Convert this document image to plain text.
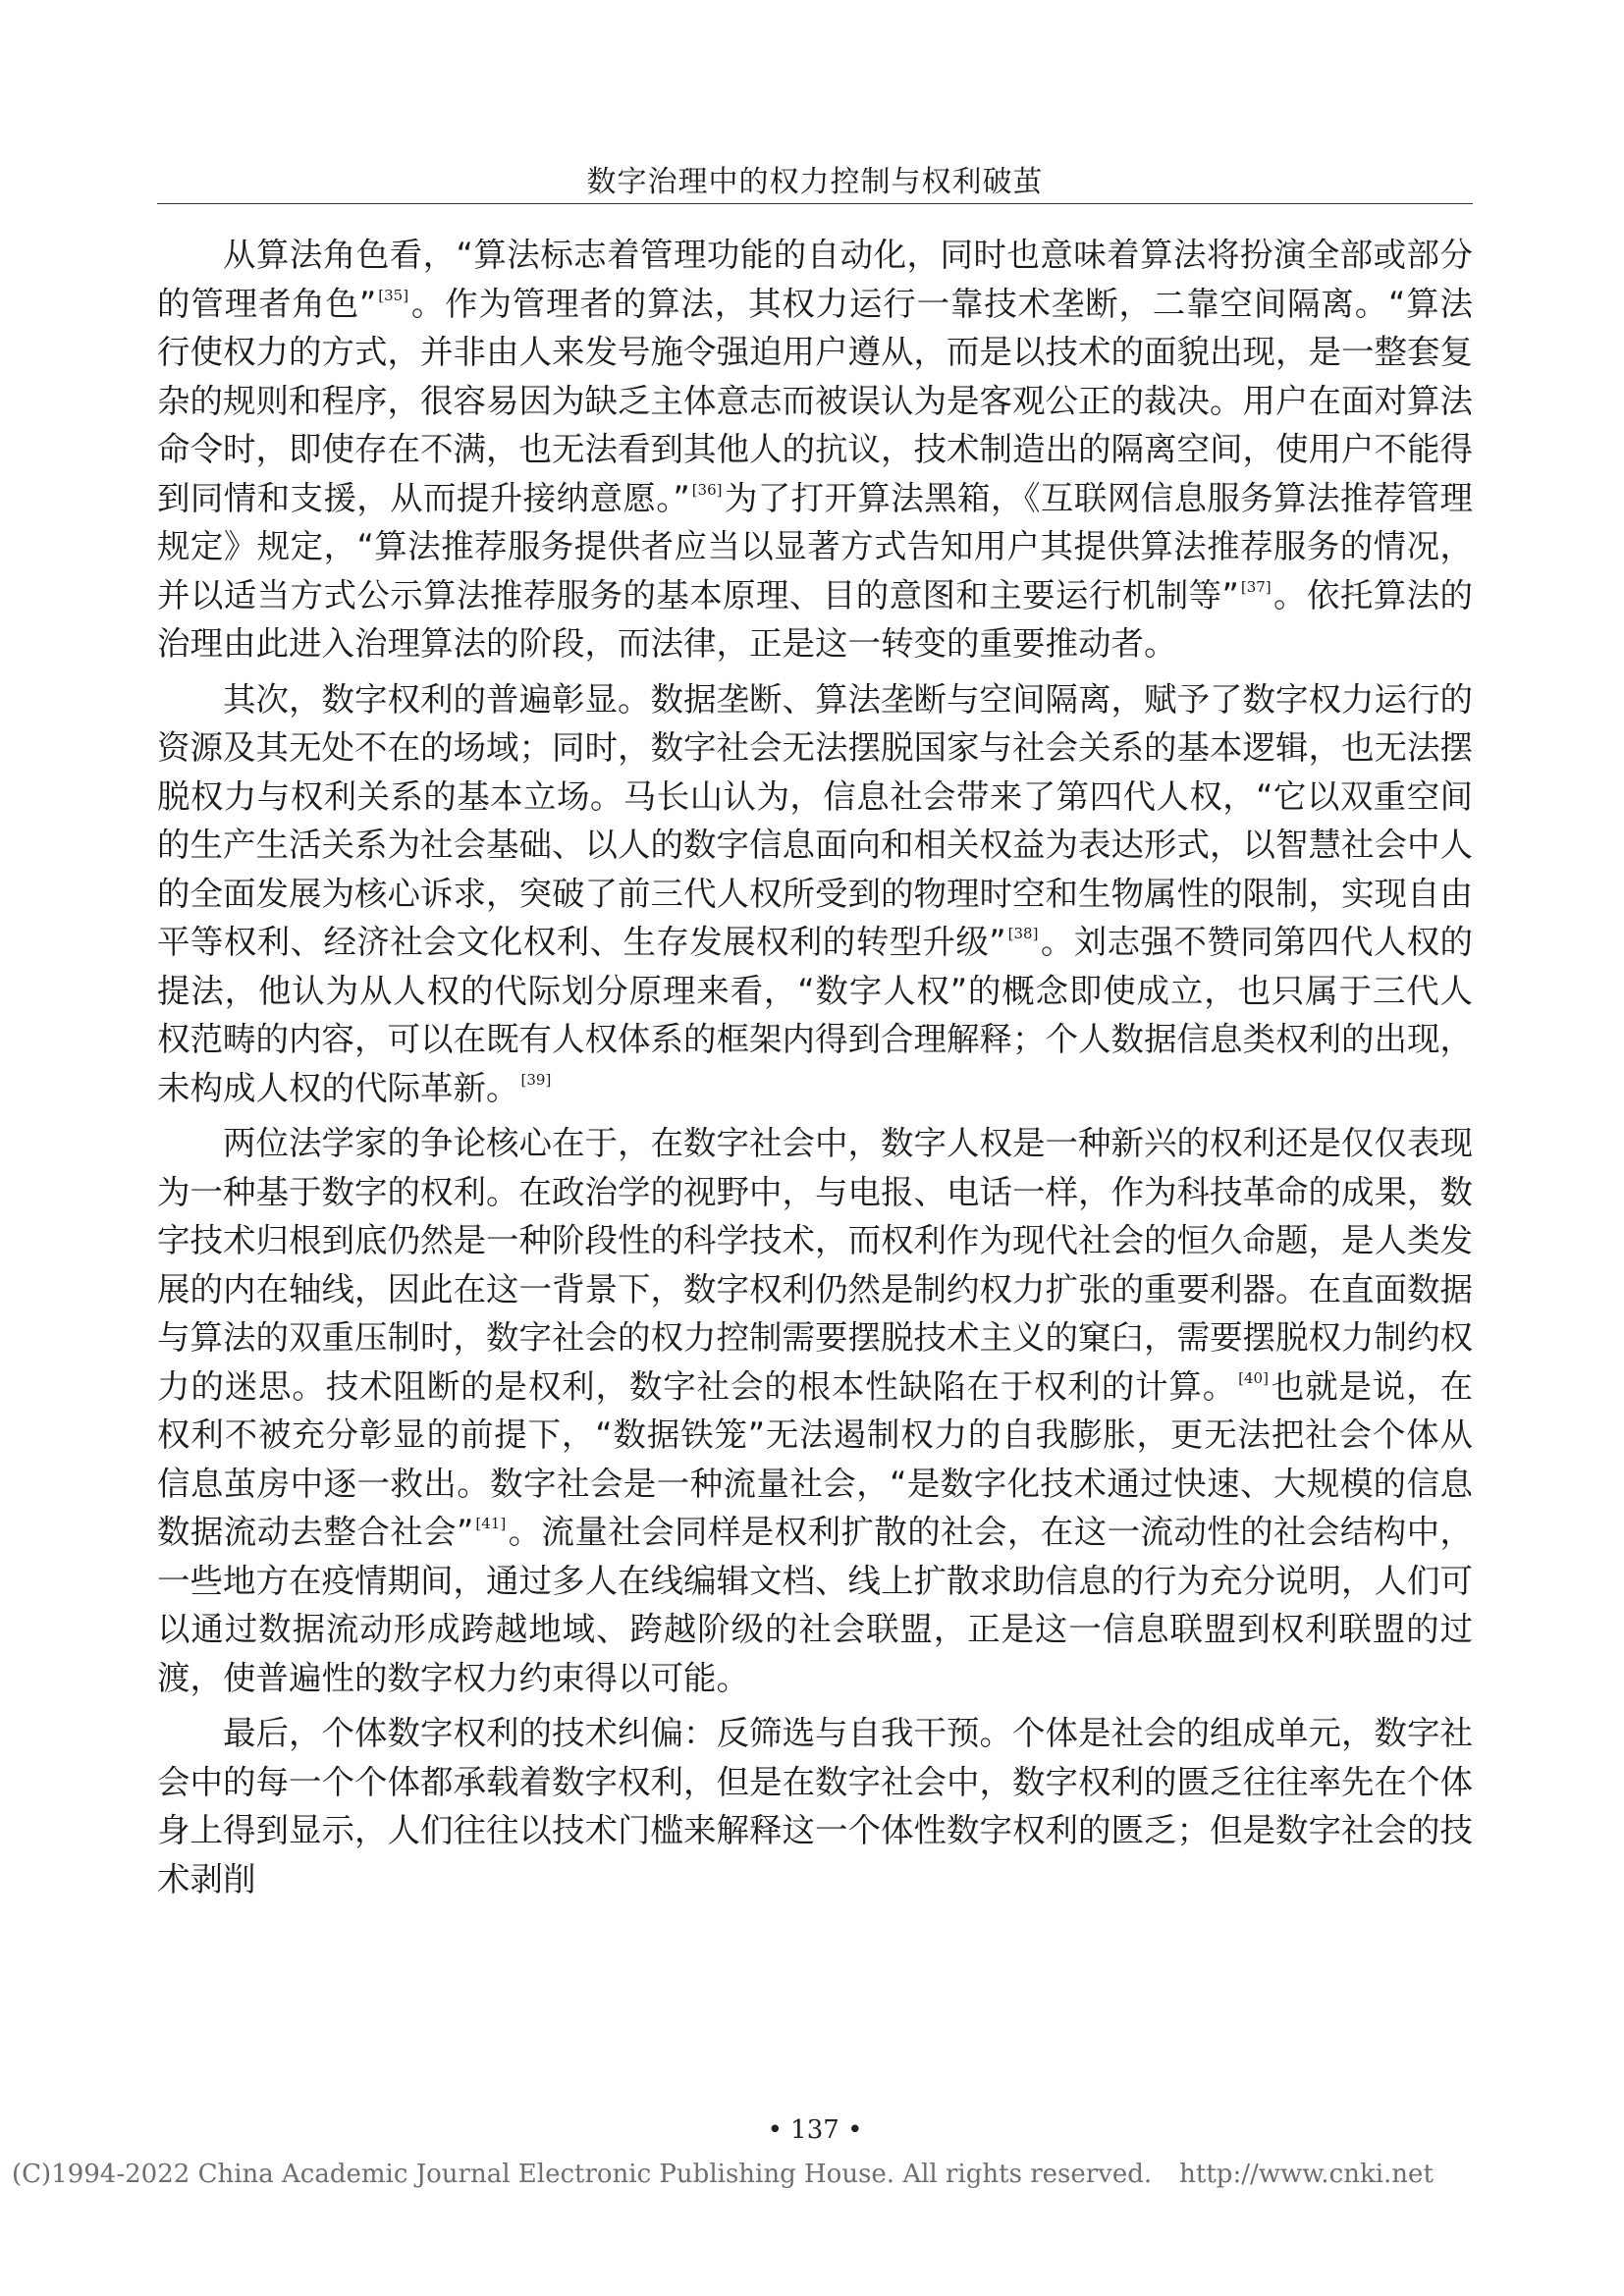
数字治理中的权力控制与权利破茧

从算法角色看，“算法标志着管理功能的自动化，同时也意味着算法将扮演全部或部分的管理者角色” [35]。作为管理者的算法，其权力运行一靠技术垄断，二靠空间隔离。“算法行使权力的方式，并非由人来发号施令强迫用户遵从，而是以技术的面貌出现，是一整套复杂的规则和程序，很容易因为缺乏主体意志而被误认为是客观公正的裁决。用户在面对算法命令时，即使存在不满，也无法看到其他人的抗议，技术制造出的隔离空间，使用户不能得到同情和支援，从而提升接纳意愿。” [36]为了打开算法黑箱，《互联网信息服务算法推荐管理规定》规定，“算法推荐服务提供者应当以显著方式告知用户其提供算法推荐服务的情况，并以适当方式公示算法推荐服务的基本原理、目的意图和主要运行机制等” [37]。依托算法的治理由此进入治理算法的阶段，而法律，正是这一转变的重要推动者。

其次，数字权利的普遍彰显。数据垄断、算法垄断与空间隔离，赋予了数字权力运行的资源及其无处不在的场域；同时，数字社会无法摆脱国家与社会关系的基本逻辑，也无法摆脱权力与权利关系的基本立场。马长山认为，信息社会带来了第四代人权，“它以双重空间的生产生活关系为社会基础、以人的数字信息面向和相关权益为表达形式，以智慧社会中人的全面发展为核心诉求，突破了前三代人权所受到的物理时空和生物属性的限制，实现自由平等权利、经济社会文化权利、生存发展权利的转型升级” [38]。刘志强不赞同第四代人权的提法，他认为从人权的代际划分原理来看，“数字人权”的概念即使成立，也只属于三代人权范畴的内容，可以在既有人权体系的框架内得到合理解释；个人数据信息类权利的出现，未构成人权的代际革新。 [39]

两位法学家的争论核心在于，在数字社会中，数字人权是一种新兴的权利还是仅仅表现为一种基于数字的权利。在政治学的视野中，与电报、电话一样，作为科技革命的成果，数字技术归根到底仍然是一种阶段性的科学技术，而权利作为现代社会的恒久命题，是人类发展的内在轴线，因此在这一背景下，数字权利仍然是制约权力扩张的重要利器。在直面数据与算法的双重压制时，数字社会的权力控制需要摆脱技术主义的窠臼，需要摆脱权力制约权力的迷思。技术阻断的是权利，数字社会的根本性缺陷在于权利的计算。 [40]也就是说，在权利不被充分彰显的前提下，“数据铁笼”无法遏制权力的自我膨胀，更无法把社会个体从信息茧房中逐一救出。数字社会是一种流量社会，“是数字化技术通过快速、大规模的信息数据流动去整合社会” [41]。流量社会同样是权利扩散的社会，在这一流动性的社会结构中，一些地方在疫情期间，通过多人在线编辑文档、线上扩散求助信息的行为充分说明，人们可以通过数据流动形成跨越地域、跨越阶级的社会联盟，正是这一信息联盟到权利联盟的过渡，使普遍性的数字权力约束得以可能。

最后，个体数字权利的技术纠偏：反筛选与自我干预。个体是社会的组成单元，数字社会中的每一个个体都承载着数字权利，但是在数字社会中，数字权利的匮乏往往率先在个体身上得到显示，人们往往以技术门槛来解释这一个体性数字权利的匮乏；但是数字社会的技术剥削

• 137 •
(C)1994-2022 China Academic Journal Electronic Publishing House. All rights reserved. http://www.cnki.net
